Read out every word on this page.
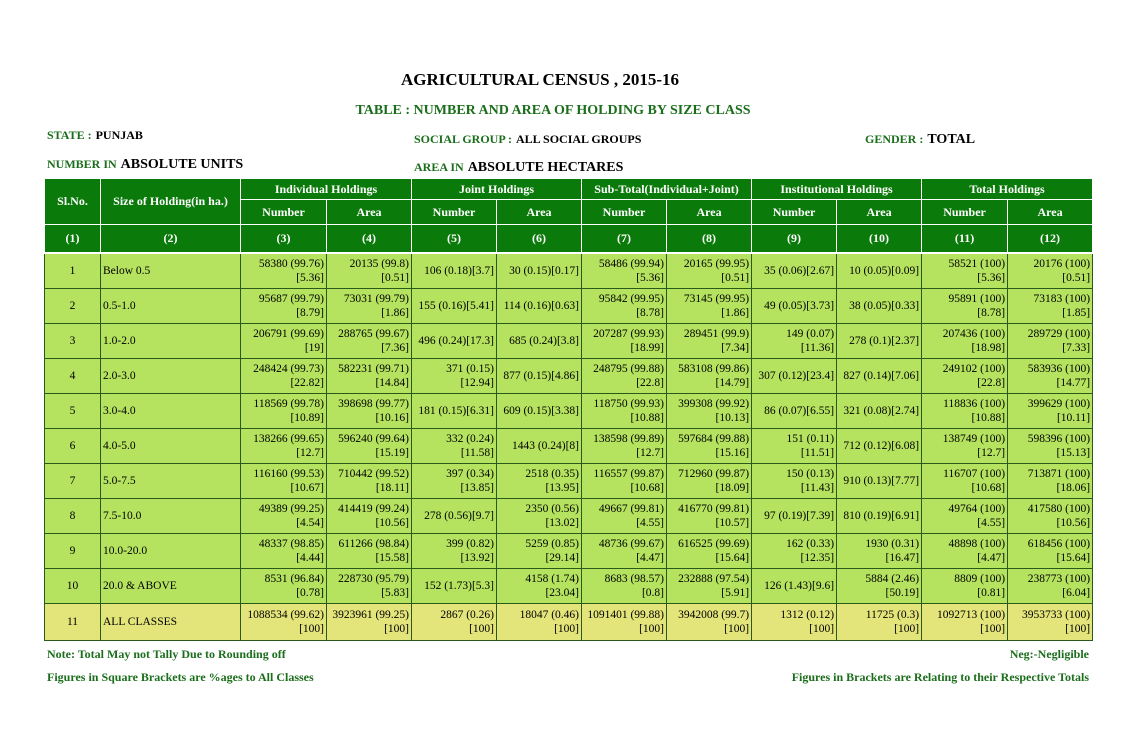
AGRICULTURAL CENSUS , 2015-16
TABLE : NUMBER AND AREA OF HOLDING BY SIZE CLASS
STATE : PUNJAB	SOCIAL GROUP : ALL SOCIAL GROUPS	GENDER : TOTAL
NUMBER IN ABSOLUTE UNITS	AREA IN ABSOLUTE HECTARES
Sl.No.	Size of Holding(in ha.)	Individual Holdings		Joint Holdings		Sub-Total(Individual+Joint)		Institutional Holdings		Total Holdings	
		Number	Area	Number	Area	Number	Area	Number	Area	Number	Area
(1)	(2)	(3)	(4)	(5)	(6)	(7)	(8)	(9)	(10)	(11)	(12)
1	Below 0.5	58380 (99.76)
[5.36]	20135 (99.8)
[0.51]	106 (0.18)[3.7]	30 (0.15)[0.17]	58486 (99.94)
[5.36]	20165 (99.95)
[0.51]	35 (0.06)[2.67]	10 (0.05)[0.09]	58521 (100)
[5.36]	20176 (100)
[0.51]

2	0.5-1.0	95687 (99.79)
[8.79]	73031 (99.79)
[1.86]	155 (0.16)[5.41]	114 (0.16)[0.63]	95842 (99.95)
[8.78]	73145 (99.95)
[1.86]	49 (0.05)[3.73]	38 (0.05)[0.33]	95891 (100)
[8.78]	73183 (100)
[1.85]

3	1.0-2.0	206791 (99.69)
[19]	288765 (99.67)
[7.36]	496 (0.24)[17.3]	685 (0.24)[3.8]	207287 (99.93)
[18.99]	289451 (99.9)
[7.34]	149 (0.07)
[11.36]	278 (0.1)[2.37]	207436 (100)
[18.98]	289729 (100)
[7.33]

4	2.0-3.0	248424 (99.73)
[22.82]	582231 (99.71)
[14.84]	371 (0.15)
[12.94]	877 (0.15)[4.86]	248795 (99.88)
[22.8]	583108 (99.86)
[14.79]	307 (0.12)[23.4]	827 (0.14)[7.06]	249102 (100)
[22.8]	583936 (100)
[14.77]

5	3.0-4.0	118569 (99.78)
[10.89]	398698 (99.77)
[10.16]	181 (0.15)[6.31]	609 (0.15)[3.38]	118750 (99.93)
[10.88]	399308 (99.92)
[10.13]	86 (0.07)[6.55]	321 (0.08)[2.74]	118836 (100)
[10.88]	399629 (100)
[10.11]

6	4.0-5.0	138266 (99.65)
[12.7]	596240 (99.64)
[15.19]	332 (0.24)
[11.58]	1443 (0.24)[8]	138598 (99.89)
[12.7]	597684 (99.88)
[15.16]	151 (0.11)
[11.51]	712 (0.12)[6.08]	138749 (100)
[12.7]	598396 (100)
[15.13]

7	5.0-7.5	116160 (99.53)
[10.67]	710442 (99.52)
[18.11]	397 (0.34)
[13.85]	2518 (0.35)
[13.95]	116557 (99.87)
[10.68]	712960 (99.87)
[18.09]	150 (0.13)
[11.43]	910 (0.13)[7.77]	116707 (100)
[10.68]	713871 (100)
[18.06]

8	7.5-10.0	49389 (99.25)
[4.54]	414419 (99.24)
[10.56]	278 (0.56)[9.7]	2350 (0.56)
[13.02]	49667 (99.81)
[4.55]	416770 (99.81)
[10.57]	97 (0.19)[7.39]	810 (0.19)[6.91]	49764 (100)
[4.55]	417580 (100)
[10.56]

9	10.0-20.0	48337 (98.85)
[4.44]	611266 (98.84)
[15.58]	399 (0.82)
[13.92]	5259 (0.85)
[29.14]	48736 (99.67)
[4.47]	616525 (99.69)
[15.64]	162 (0.33)
[12.35]	1930 (0.31)
[16.47]	48898 (100)
[4.47]	618456 (100)
[15.64]

10	20.0 & ABOVE	8531 (96.84)
[0.78]	228730 (95.79)
[5.83]	152 (1.73)[5.3]	4158 (1.74)
[23.04]	8683 (98.57)
[0.8]	232888 (97.54)
[5.91]	126 (1.43)[9.6]	5884 (2.46)
[50.19]	8809 (100)
[0.81]	238773 (100)
[6.04]

11	ALL CLASSES	1088534 (99.62)
[100]	3923961 (99.25)
[100]	2867 (0.26)
[100]	18047 (0.46)
[100]	1091401 (99.88)
[100]	3942008 (99.7)
[100]	1312 (0.12)
[100]	11725 (0.3)
[100]	1092713 (100)
[100]	3953733 (100)
[100]
Note: Total May not Tally Due to Rounding off	Neg:-Negligible
Figures in Square Brackets are %ages to All Classes	Figures in Brackets are Relating to their Respective Totals
